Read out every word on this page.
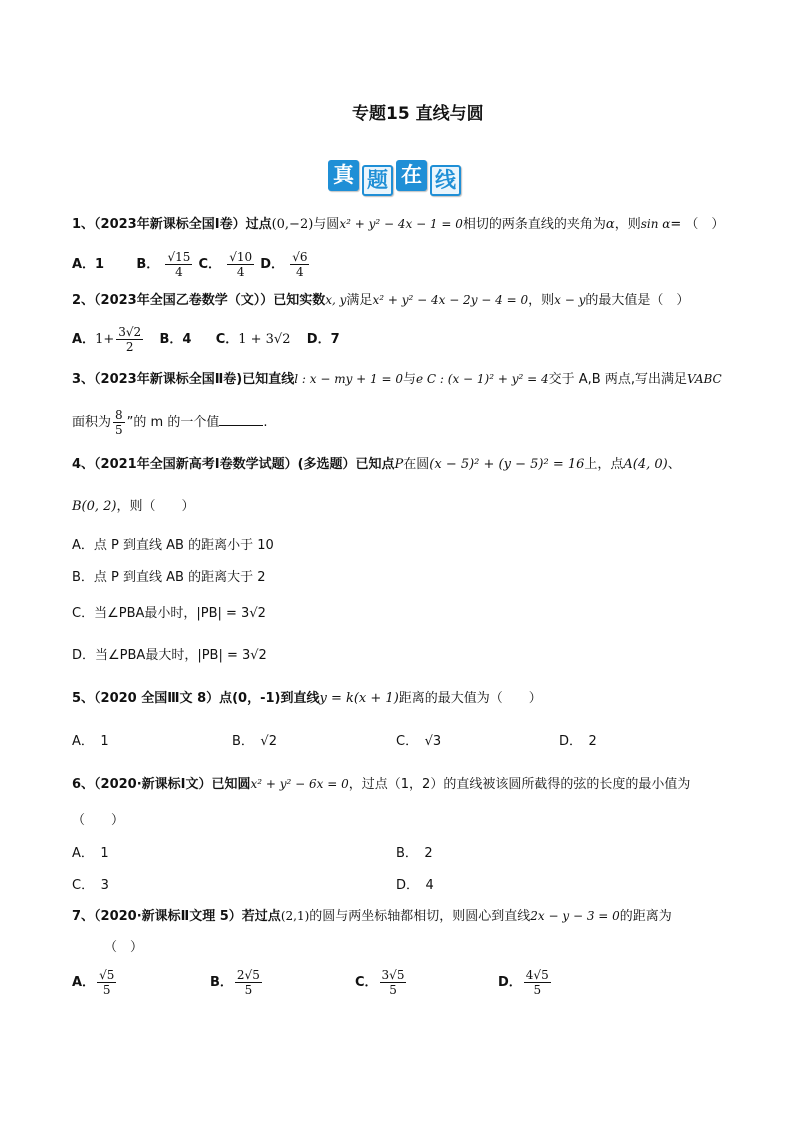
专题15 直线与圆
真 题 在 线
1、（2023年新课标全国Ⅰ卷）过点(0,−2)与圆x² + y² − 4x − 1 = 0相切的两条直线的夹角为α，则sin α= （　）
A．1 B． $\frac{√15}{4}$ C． $\frac{√10}{4}$ D． $\frac{√6}{4}$
2、（2023年全国乙卷数学（文））已知实数x, y满足x² + y² − 4x − 2y − 4 = 0，则x − y的最大值是（　）
A．$1+ \frac{3√2}{2}$ B．4 C．1 + 3√2 D．7
3、（2023年新课标全国Ⅱ卷)已知直线l : x − my + 1 = 0与e C : (x − 1)² + y² = 4交于 A,B 两点,写出满足VABC
面积为 $\frac{8}{5}$ ”的 m 的一个值	.
4、（2021年全国新高考Ⅰ卷数学试题）(多选题）已知点P在圆(x − 5)² + (y − 5)² = 16上，点A(4, 0)、
B(0, 2)，则（　　）
A．点 P 到直线 AB 的距离小于 10
B．点 P 到直线 AB 的距离大于 2
C．当∠PBA最小时，|PB| = 3√2
D．当∠PBA最大时，|PB| = 3√2
5、（2020 全国Ⅲ文 8）点(0，-1)到直线y = k(x + 1)距离的最大值为（　　）
A．　1	B．　√2	C．　√3	D．　2
6、（2020·新课标Ⅰ文）已知圆x² + y² − 6x = 0，过点（1，2）的直线被该圆所截得的弦的长度的最小值为
（　　）
A．　1	B．　2
C．　3	D．　4
7、（2020·新课标Ⅱ文理 5）若过点(2,1)的圆与两坐标轴都相切，则圆心到直线2x − y − 3 = 0的距离为
（　）
A． $\frac{√5}{5}$	B． $\frac{2√5}{5}$	C． $\frac{3√5}{5}$	D． $\frac{4√5}{5}$
